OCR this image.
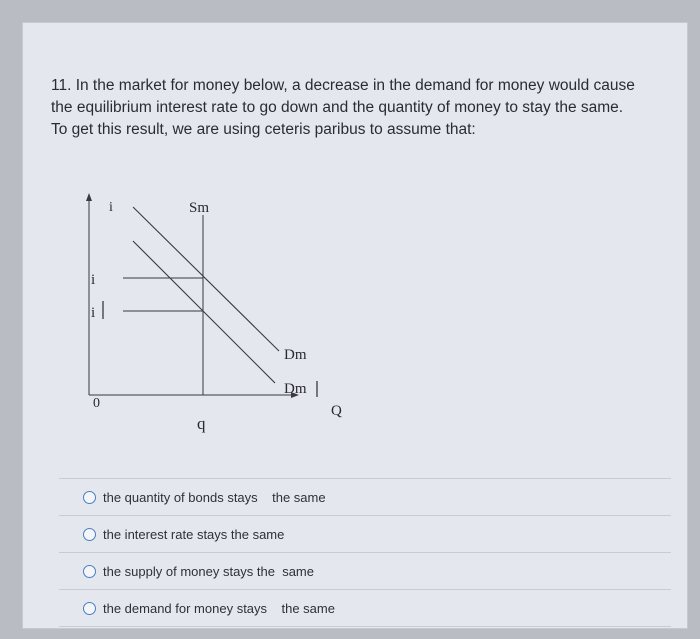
11. In the market for money below, a decrease in the demand for money would cause

the equilibrium interest rate to go down and the quantity of money to stay the same.

To get this result, we are using ceteris paribus to assume that:

i	Sm
i
i
0
q
Dm
Dm
Q
the quantity of bonds stays    the same
the interest rate stays the same
the supply of money stays the  same
the demand for money stays    the same
